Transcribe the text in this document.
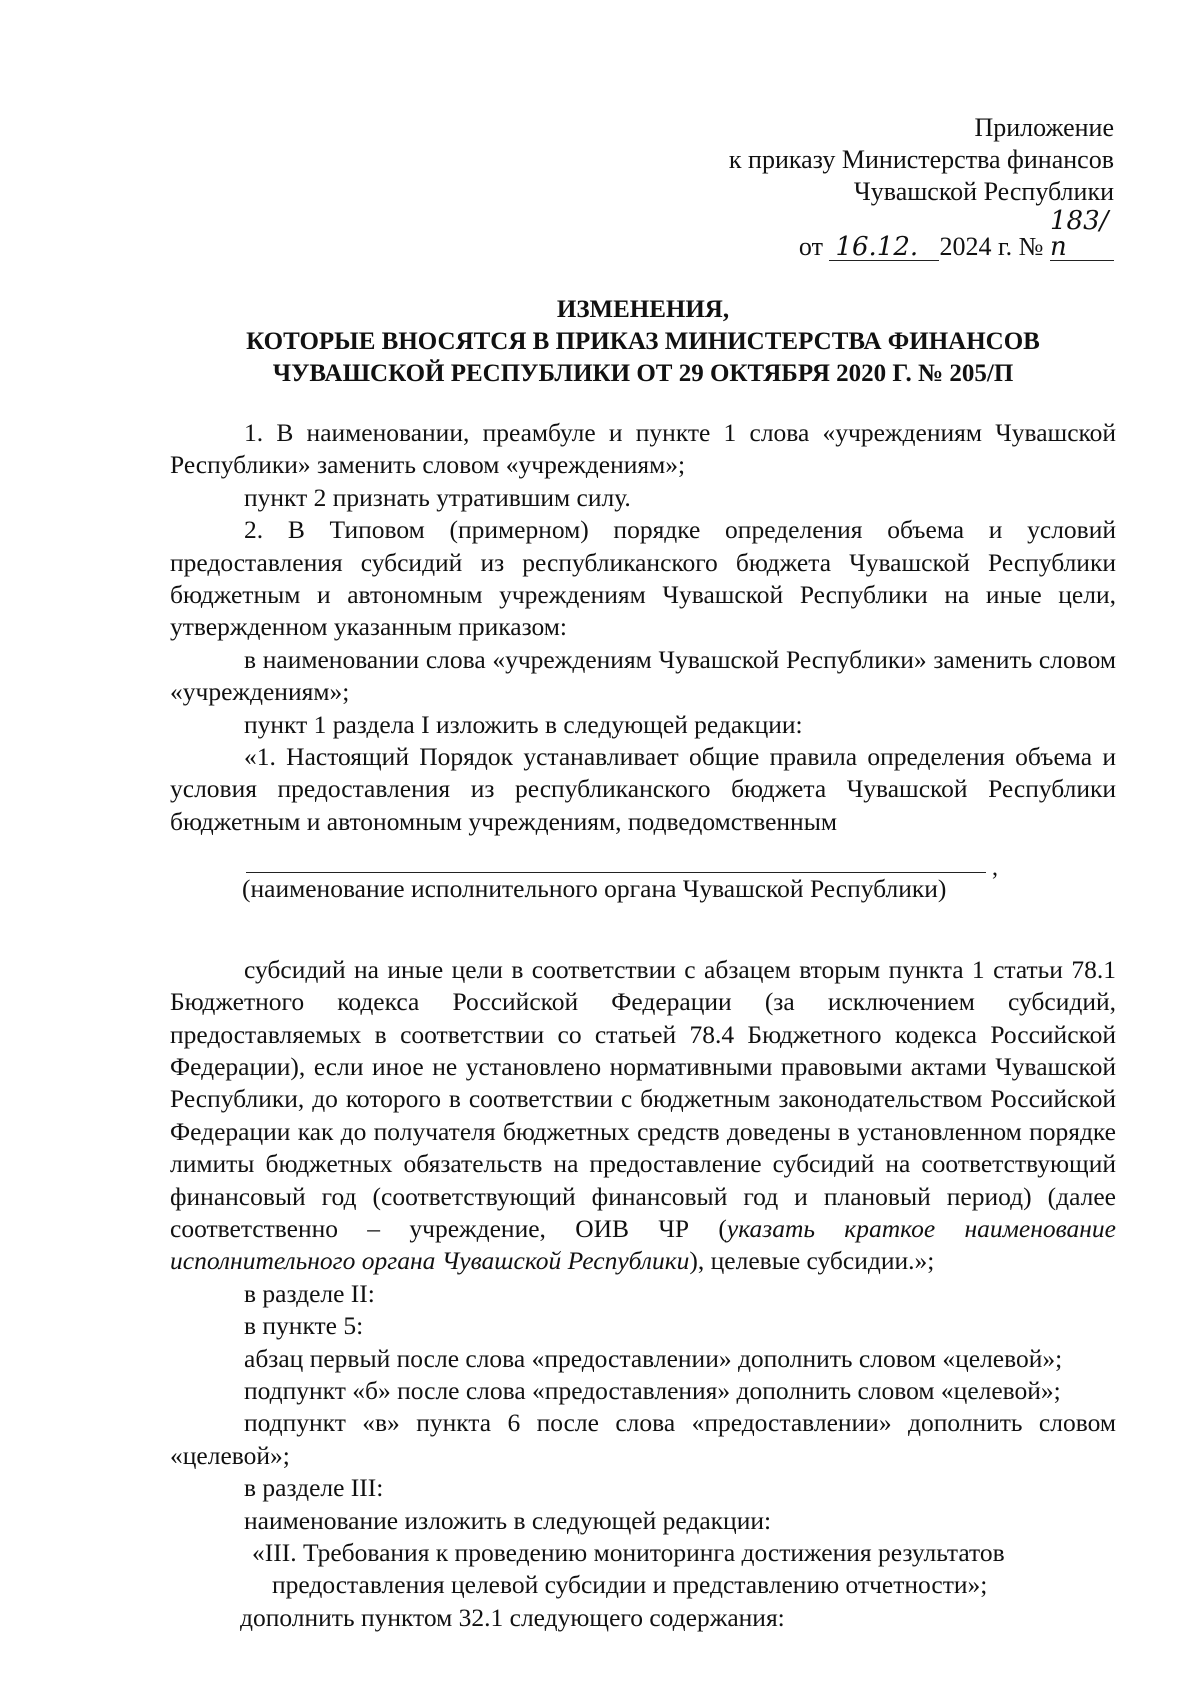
Приложение
к приказу Министерства финансов
Чувашской Республики
от 16.12. 2024 г. № 183/п
ИЗМЕНЕНИЯ,
КОТОРЫЕ ВНОСЯТСЯ В ПРИКАЗ МИНИСТЕРСТВА ФИНАНСОВ
ЧУВАШСКОЙ РЕСПУБЛИКИ ОТ 29 ОКТЯБРЯ 2020 Г. № 205/П

1. В наименовании, преамбуле и пункте 1 слова «учреждениям Чувашской Республики» заменить словом «учреждениям»;

пункт 2 признать утратившим силу.

2. В Типовом (примерном) порядке определения объема и условий предоставления субсидий из республиканского бюджета Чувашской Республики бюджетным и автономным учреждениям Чувашской Республики на иные цели, утвержденном указанным приказом:

в наименовании слова «учреждениям Чувашской Республики» заменить словом «учреждениям»;

пункт 1 раздела I изложить в следующей редакции:

«1. Настоящий Порядок устанавливает общие правила определения объема и условия предоставления из республиканского бюджета Чувашской Республики бюджетным и автономным учреждениям, подведомственным

,
(наименование исполнительного органа Чувашской Республики)

субсидий на иные цели в соответствии с абзацем вторым пункта 1 статьи 78.1 Бюджетного кодекса Российской Федерации (за исключением субсидий, предоставляемых в соответствии со статьей 78.4 Бюджетного кодекса Российской Федерации), если иное не установлено нормативными правовыми актами Чувашской Республики, до которого в соответствии с бюджетным законодательством Российской Федерации как до получателя бюджетных средств доведены в установленном порядке лимиты бюджетных обязательств на предоставление субсидий на соответствующий финансовый год (соответствующий финансовый год и плановый период) (далее соответственно – учреждение, ОИВ ЧР (указать краткое наименование исполнительного органа Чувашской Республики), целевые субсидии.»;

в разделе II:

в пункте 5:

абзац первый после слова «предоставлении» дополнить словом «целевой»;

подпункт «б» после слова «предоставления» дополнить словом «целевой»;

подпункт «в» пункта 6 после слова «предоставлении» дополнить словом «целевой»;

в разделе III:

наименование изложить в следующей редакции:

«III. Требования к проведению мониторинга достижения результатов

предоставления целевой субсидии и представлению отчетности»;

дополнить пунктом 32.1 следующего содержания:
